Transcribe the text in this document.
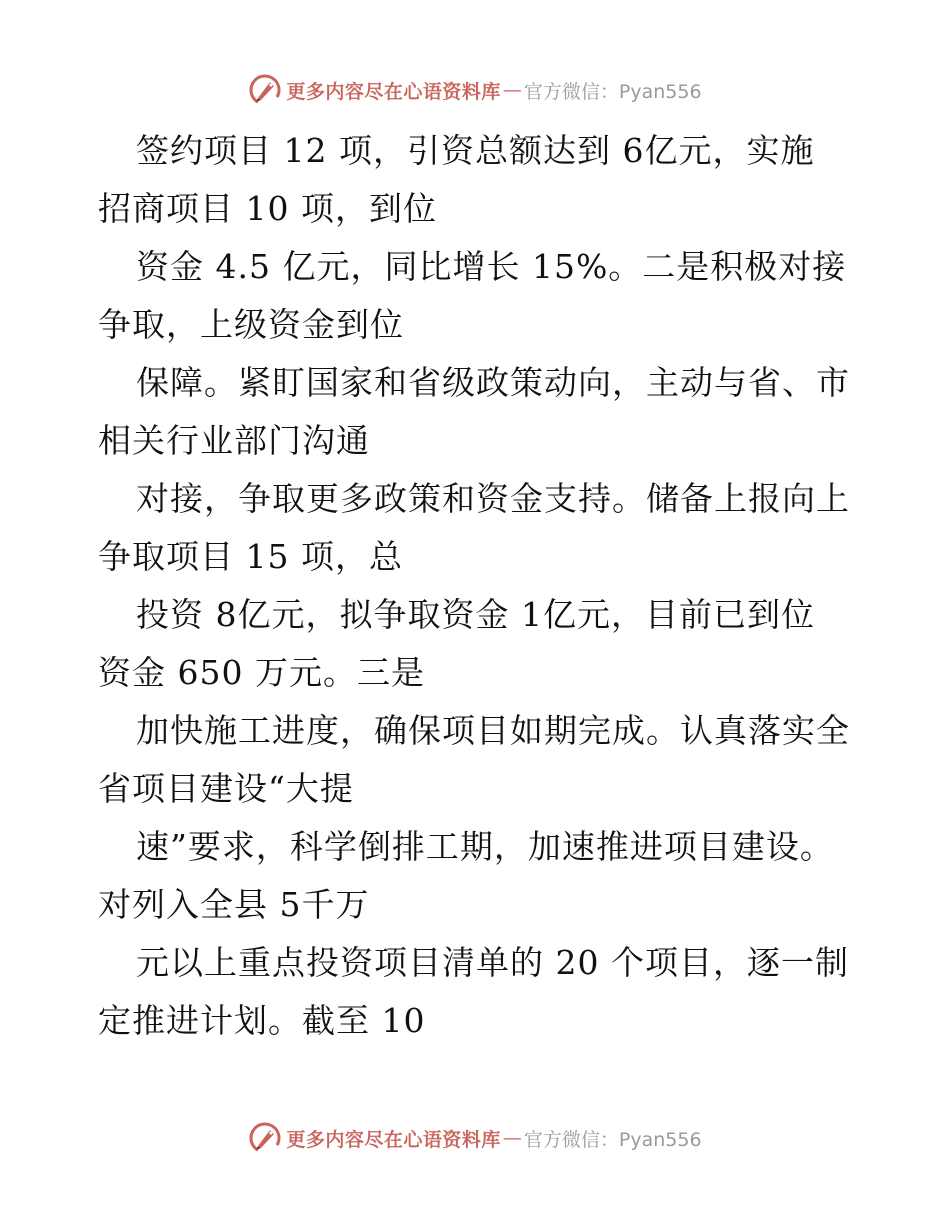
更多内容尽在心语资料库 — 官方微信：Pyan556
签约项目 12 项，引资总额达到 6亿元，实施
招商项目 10 项，到位
资金 4.5 亿元，同比增长 15%。二是积极对接
争取，上级资金到位
保障。紧盯国家和省级政策动向，主动与省、市
相关行业部门沟通
对接，争取更多政策和资金支持。储备上报向上
争取项目 15 项，总
投资 8亿元，拟争取资金 1亿元，目前已到位
资金 650 万元。三是
加快施工进度，确保项目如期完成。认真落实全
省项目建设“大提
速”要求，科学倒排工期，加速推进项目建设。
对列入全县 5千万
元以上重点投资项目清单的 20 个项目，逐一制
定推进计划。截至 10
更多内容尽在心语资料库 — 官方微信：Pyan556
